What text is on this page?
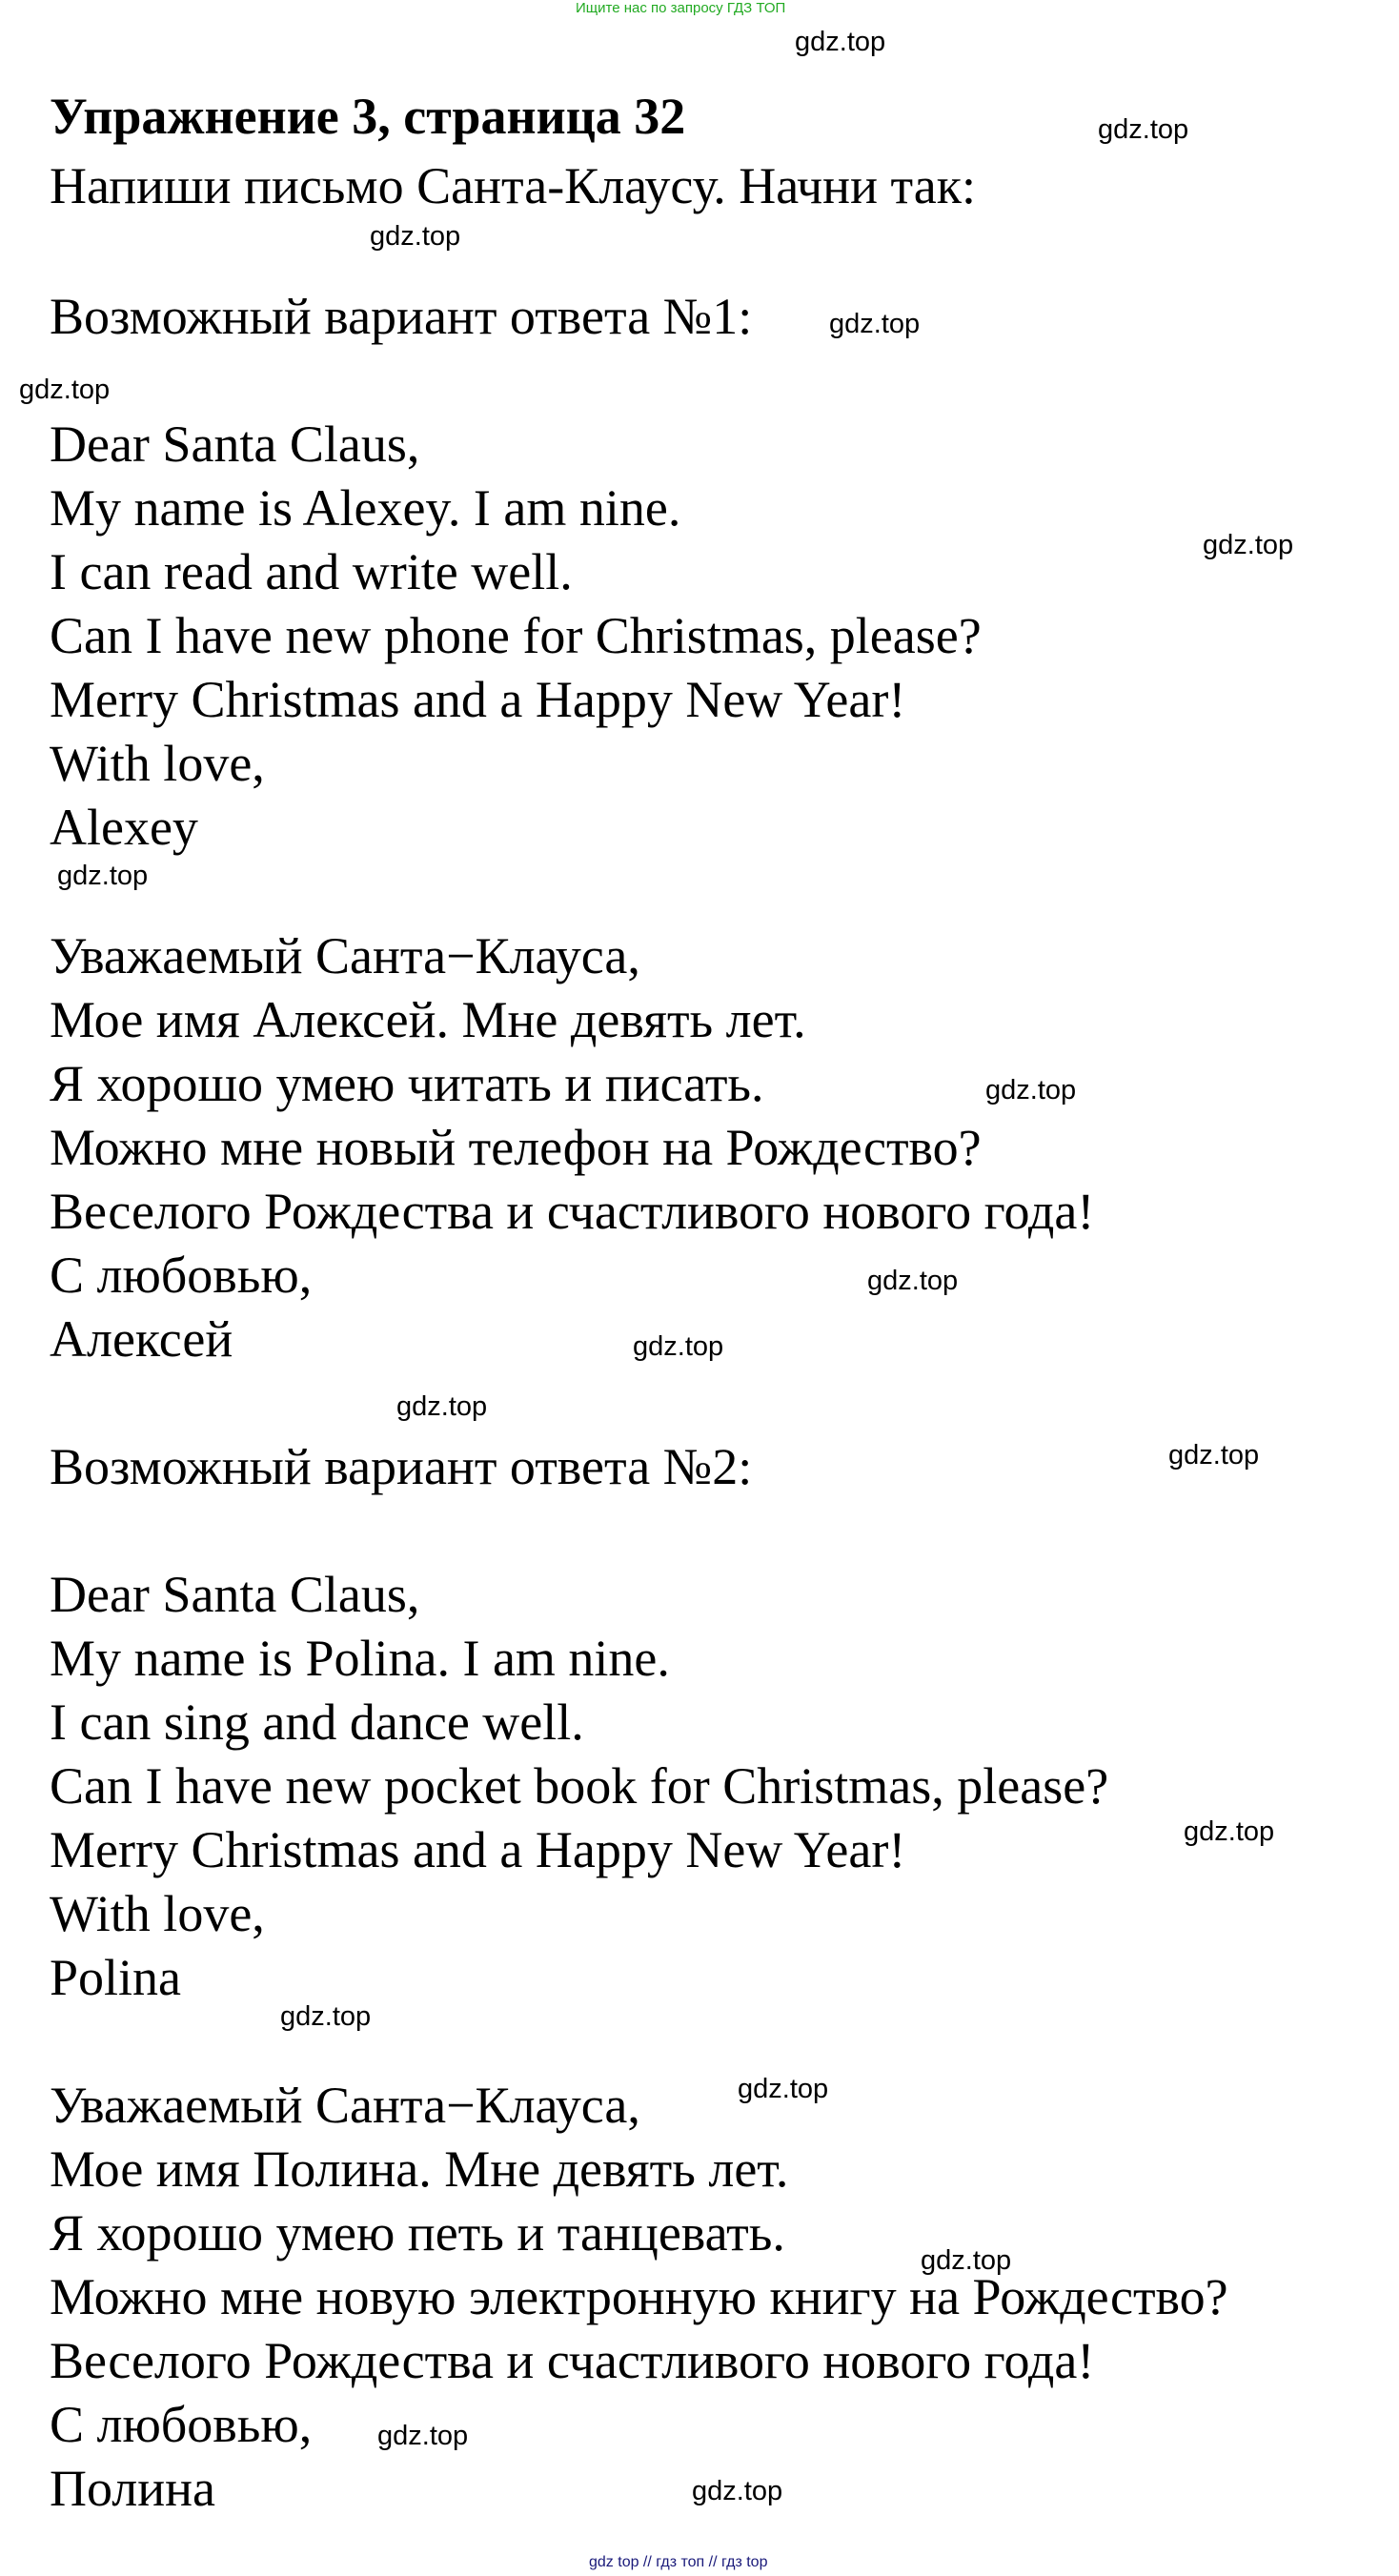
Ищите нас по запросу ГДЗ ТОП
Упражнение 3, страница 32
Напиши письмо Санта-Клаусу. Начни так:
Возможный вариант ответа №1:
Dear Santa Claus,
My name is Alexey. I am nine.
I can read and write well.
Can I have new phone for Christmas, please?
Merry Christmas and a Happy New Year!
With love,
Alexey
Уважаемый Санта−Клауса,
Мое имя Алексей. Мне девять лет.
Я хорошо умею читать и писать.
Можно мне новый телефон на Рождество?
Веселого Рождества и счастливого нового года!
С любовью,
Алексей
Возможный вариант ответа №2:
Dear Santa Claus,
My name is Polina. I am nine.
I can sing and dance well.
Can I have new pocket book for Christmas, please?
Merry Christmas and a Happy New Year!
With love,
Polina
Уважаемый Санта−Клауса,
Мое имя Полина. Мне девять лет.
Я хорошо умею петь и танцевать.
Можно мне новую электронную книгу на Рождество?
Веселого Рождества и счастливого нового года!
С любовью,
Полина
gdz.top
gdz.top
gdz.top
gdz.top
gdz.top
gdz.top
gdz.top
gdz.top
gdz.top
gdz.top
gdz.top
gdz.top
gdz.top
gdz.top
gdz.top
gdz.top
gdz.top
gdz.top
gdz top // гдз топ // гдз top
